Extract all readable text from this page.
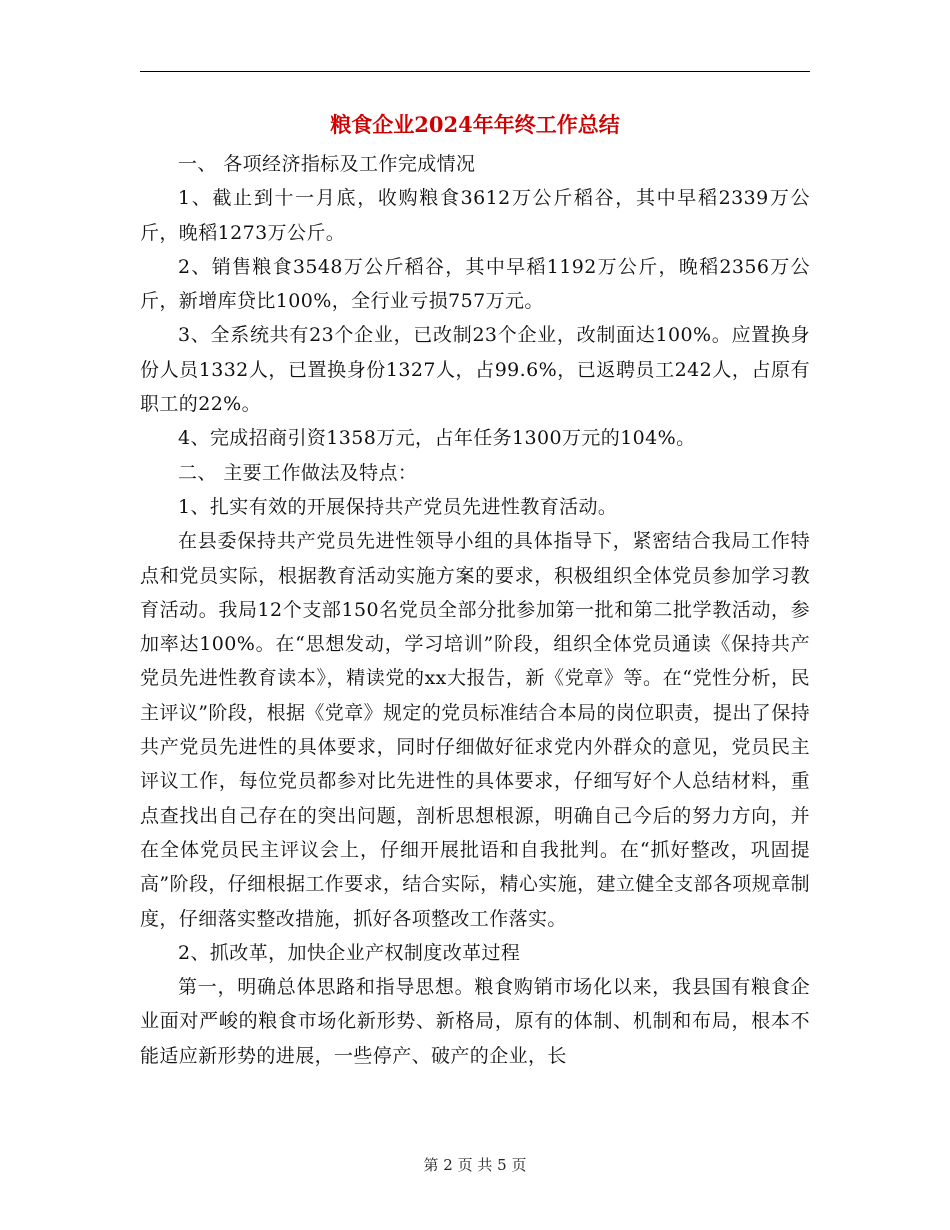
粮食企业2024年年终工作总结

一、 各项经济指标及工作完成情况

1、截止到十一月底，收购粮食3612万公斤稻谷，其中早稻2339万公斤，晚稻1273万公斤。

2、销售粮食3548万公斤稻谷，其中早稻1192万公斤，晚稻2356万公斤，新增库贷比100%，全行业亏损757万元。

3、全系统共有23个企业，已改制23个企业，改制面达100%。应置换身份人员1332人，已置换身份1327人，占99.6%，已返聘员工242人，占原有职工的22%。

4、完成招商引资1358万元，占年任务1300万元的104%。

二、 主要工作做法及特点：

1、扎实有效的开展保持共产党员先进性教育活动。

在县委保持共产党员先进性领导小组的具体指导下，紧密结合我局工作特点和党员实际，根据教育活动实施方案的要求，积极组织全体党员参加学习教育活动。我局12个支部150名党员全部分批参加第一批和第二批学教活动，参加率达100%。在“思想发动，学习培训”阶段，组织全体党员通读《保持共产党员先进性教育读本》，精读党的xx大报告，新《党章》等。在“党性分析，民主评议”阶段，根据《党章》规定的党员标准结合本局的岗位职责，提出了保持共产党员先进性的具体要求，同时仔细做好征求党内外群众的意见，党员民主评议工作，每位党员都参对比先进性的具体要求，仔细写好个人总结材料，重点查找出自己存在的突出问题，剖析思想根源，明确自己今后的努力方向，并在全体党员民主评议会上，仔细开展批语和自我批判。在“抓好整改，巩固提高”阶段，仔细根据工作要求，结合实际，精心实施，建立健全支部各项规章制度，仔细落实整改措施，抓好各项整改工作落实。

2、抓改革，加快企业产权制度改革过程

第一，明确总体思路和指导思想。粮食购销市场化以来，我县国有粮食企业面对严峻的粮食市场化新形势、新格局，原有的体制、机制和布局，根本不能适应新形势的进展，一些停产、破产的企业，长

第 2 页 共 5 页
